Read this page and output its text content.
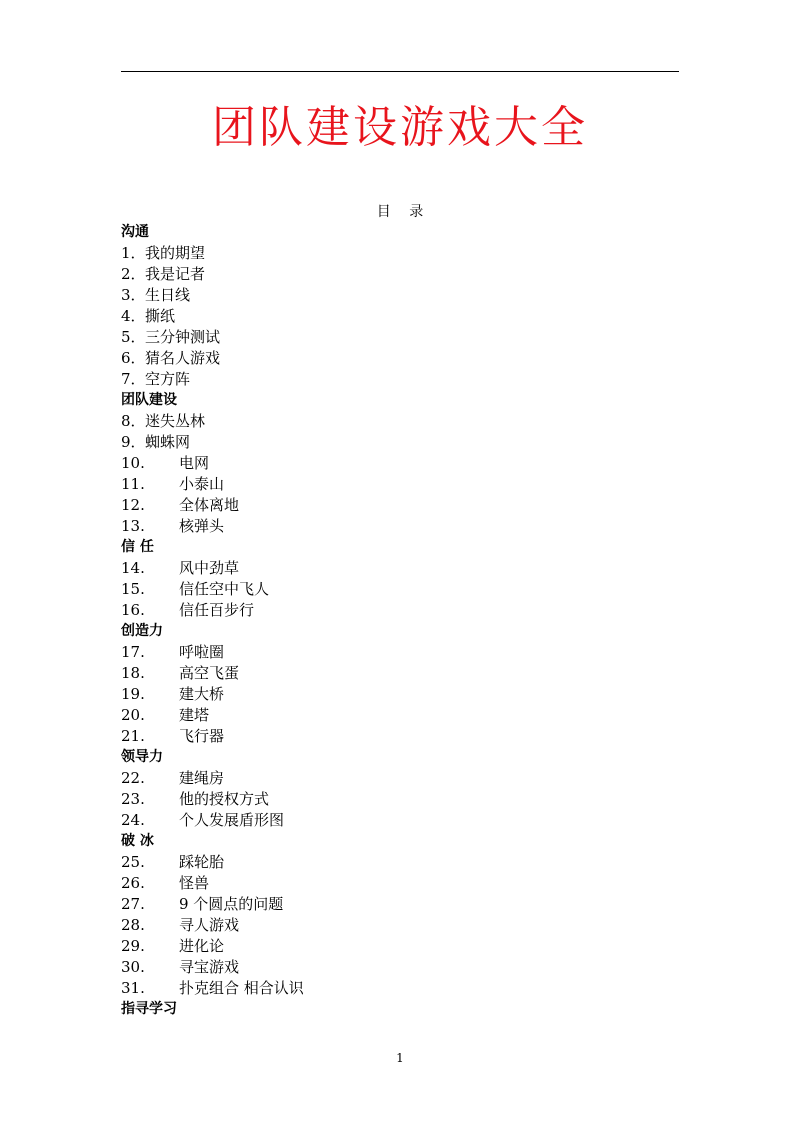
团队建设游戏大全
目 录
沟通
1．我的期望
2．我是记者
3．生日线
4．撕纸
5．三分钟测试
6．猜名人游戏
7．空方阵
团队建设
8．迷失丛林
9．蜘蛛网
10. 电网
11. 小泰山
12. 全体离地
13. 核弹头
信 任
14. 风中劲草
15. 信任空中飞人
16. 信任百步行
创造力
17. 呼啦圈
18. 高空飞蛋
19. 建大桥
20. 建塔
21. 飞行器
领导力
22. 建绳房
23. 他的授权方式
24. 个人发展盾形图
破 冰
25. 踩轮胎
26. 怪兽
27. 9 个圆点的问题
28. 寻人游戏
29. 进化论
30. 寻宝游戏
31. 扑克组合 相合认识
指寻学习
1
